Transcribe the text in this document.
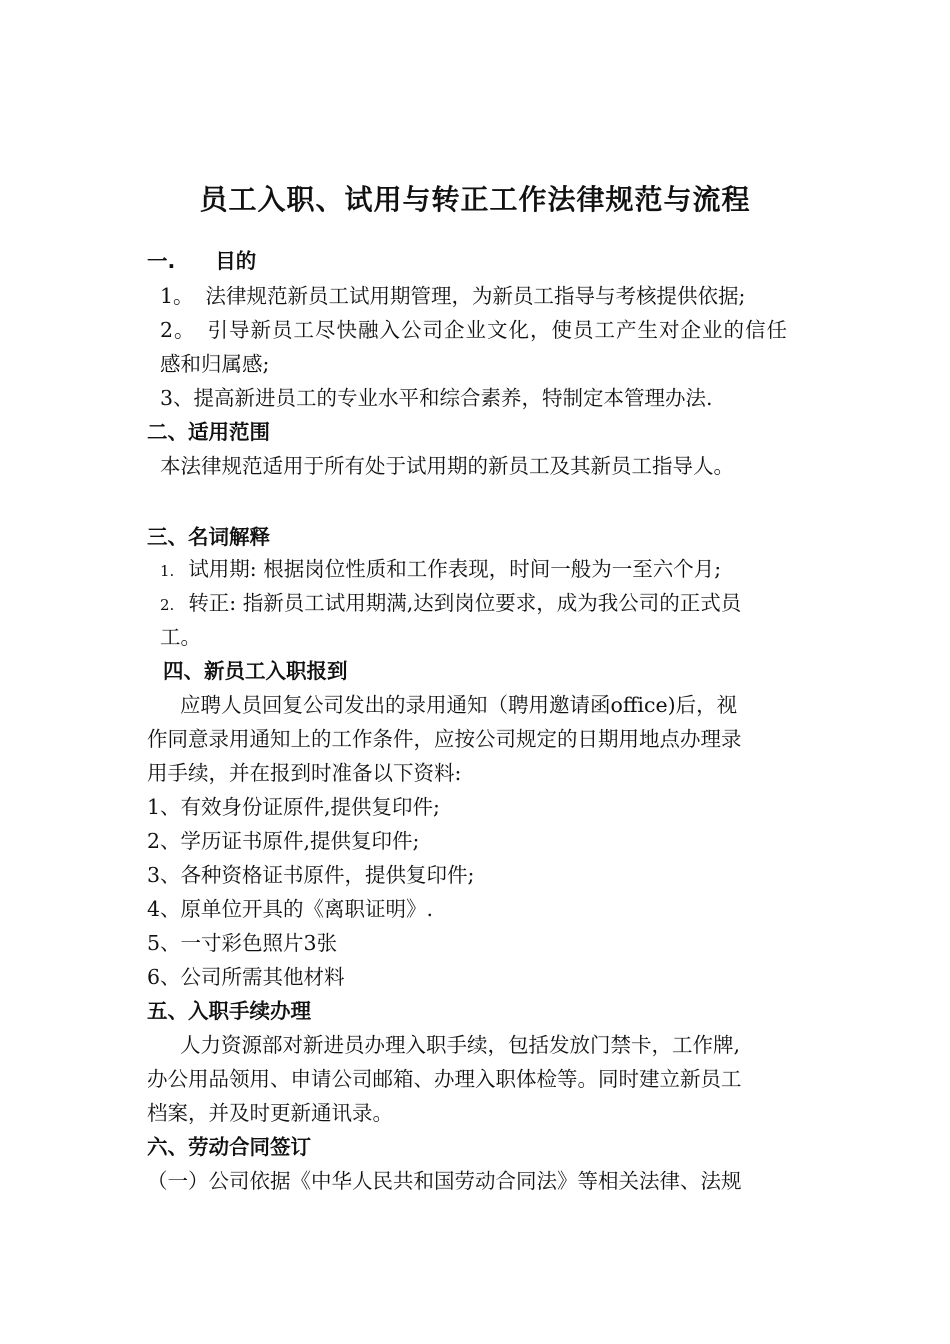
员工入职、试用与转正工作法律规范与流程
一. 目的
1。 法律规范新员工试用期管理，为新员工指导与考核提供依据;
2。 引导新员工尽快融入公司企业文化，使员工产生对企业的信任
感和归属感;
3、提高新进员工的专业水平和综合素养，特制定本管理办法.
二、适用范围
本法律规范适用于所有处于试用期的新员工及其新员工指导人。
三、名词解释
1. 试用期: 根据岗位性质和工作表现，时间一般为一至六个月;
2. 转正: 指新员工试用期满,达到岗位要求，成为我公司的正式员
工。
四、新员工入职报到
应聘人员回复公司发出的录用通知（聘用邀请函office)后，视
作同意录用通知上的工作条件，应按公司规定的日期用地点办理录
用手续，并在报到时准备以下资料:
1、有效身份证原件,提供复印件;
2、学历证书原件,提供复印件;
3、各种资格证书原件，提供复印件;
4、原单位开具的《离职证明》.
5、一寸彩色照片3张
6、公司所需其他材料
五、入职手续办理
人力资源部对新进员办理入职手续，包括发放门禁卡，工作牌,
办公用品领用、申请公司邮箱、办理入职体检等。同时建立新员工
档案，并及时更新通讯录。
六、劳动合同签订
（一）公司依据《中华人民共和国劳动合同法》等相关法律、法规
